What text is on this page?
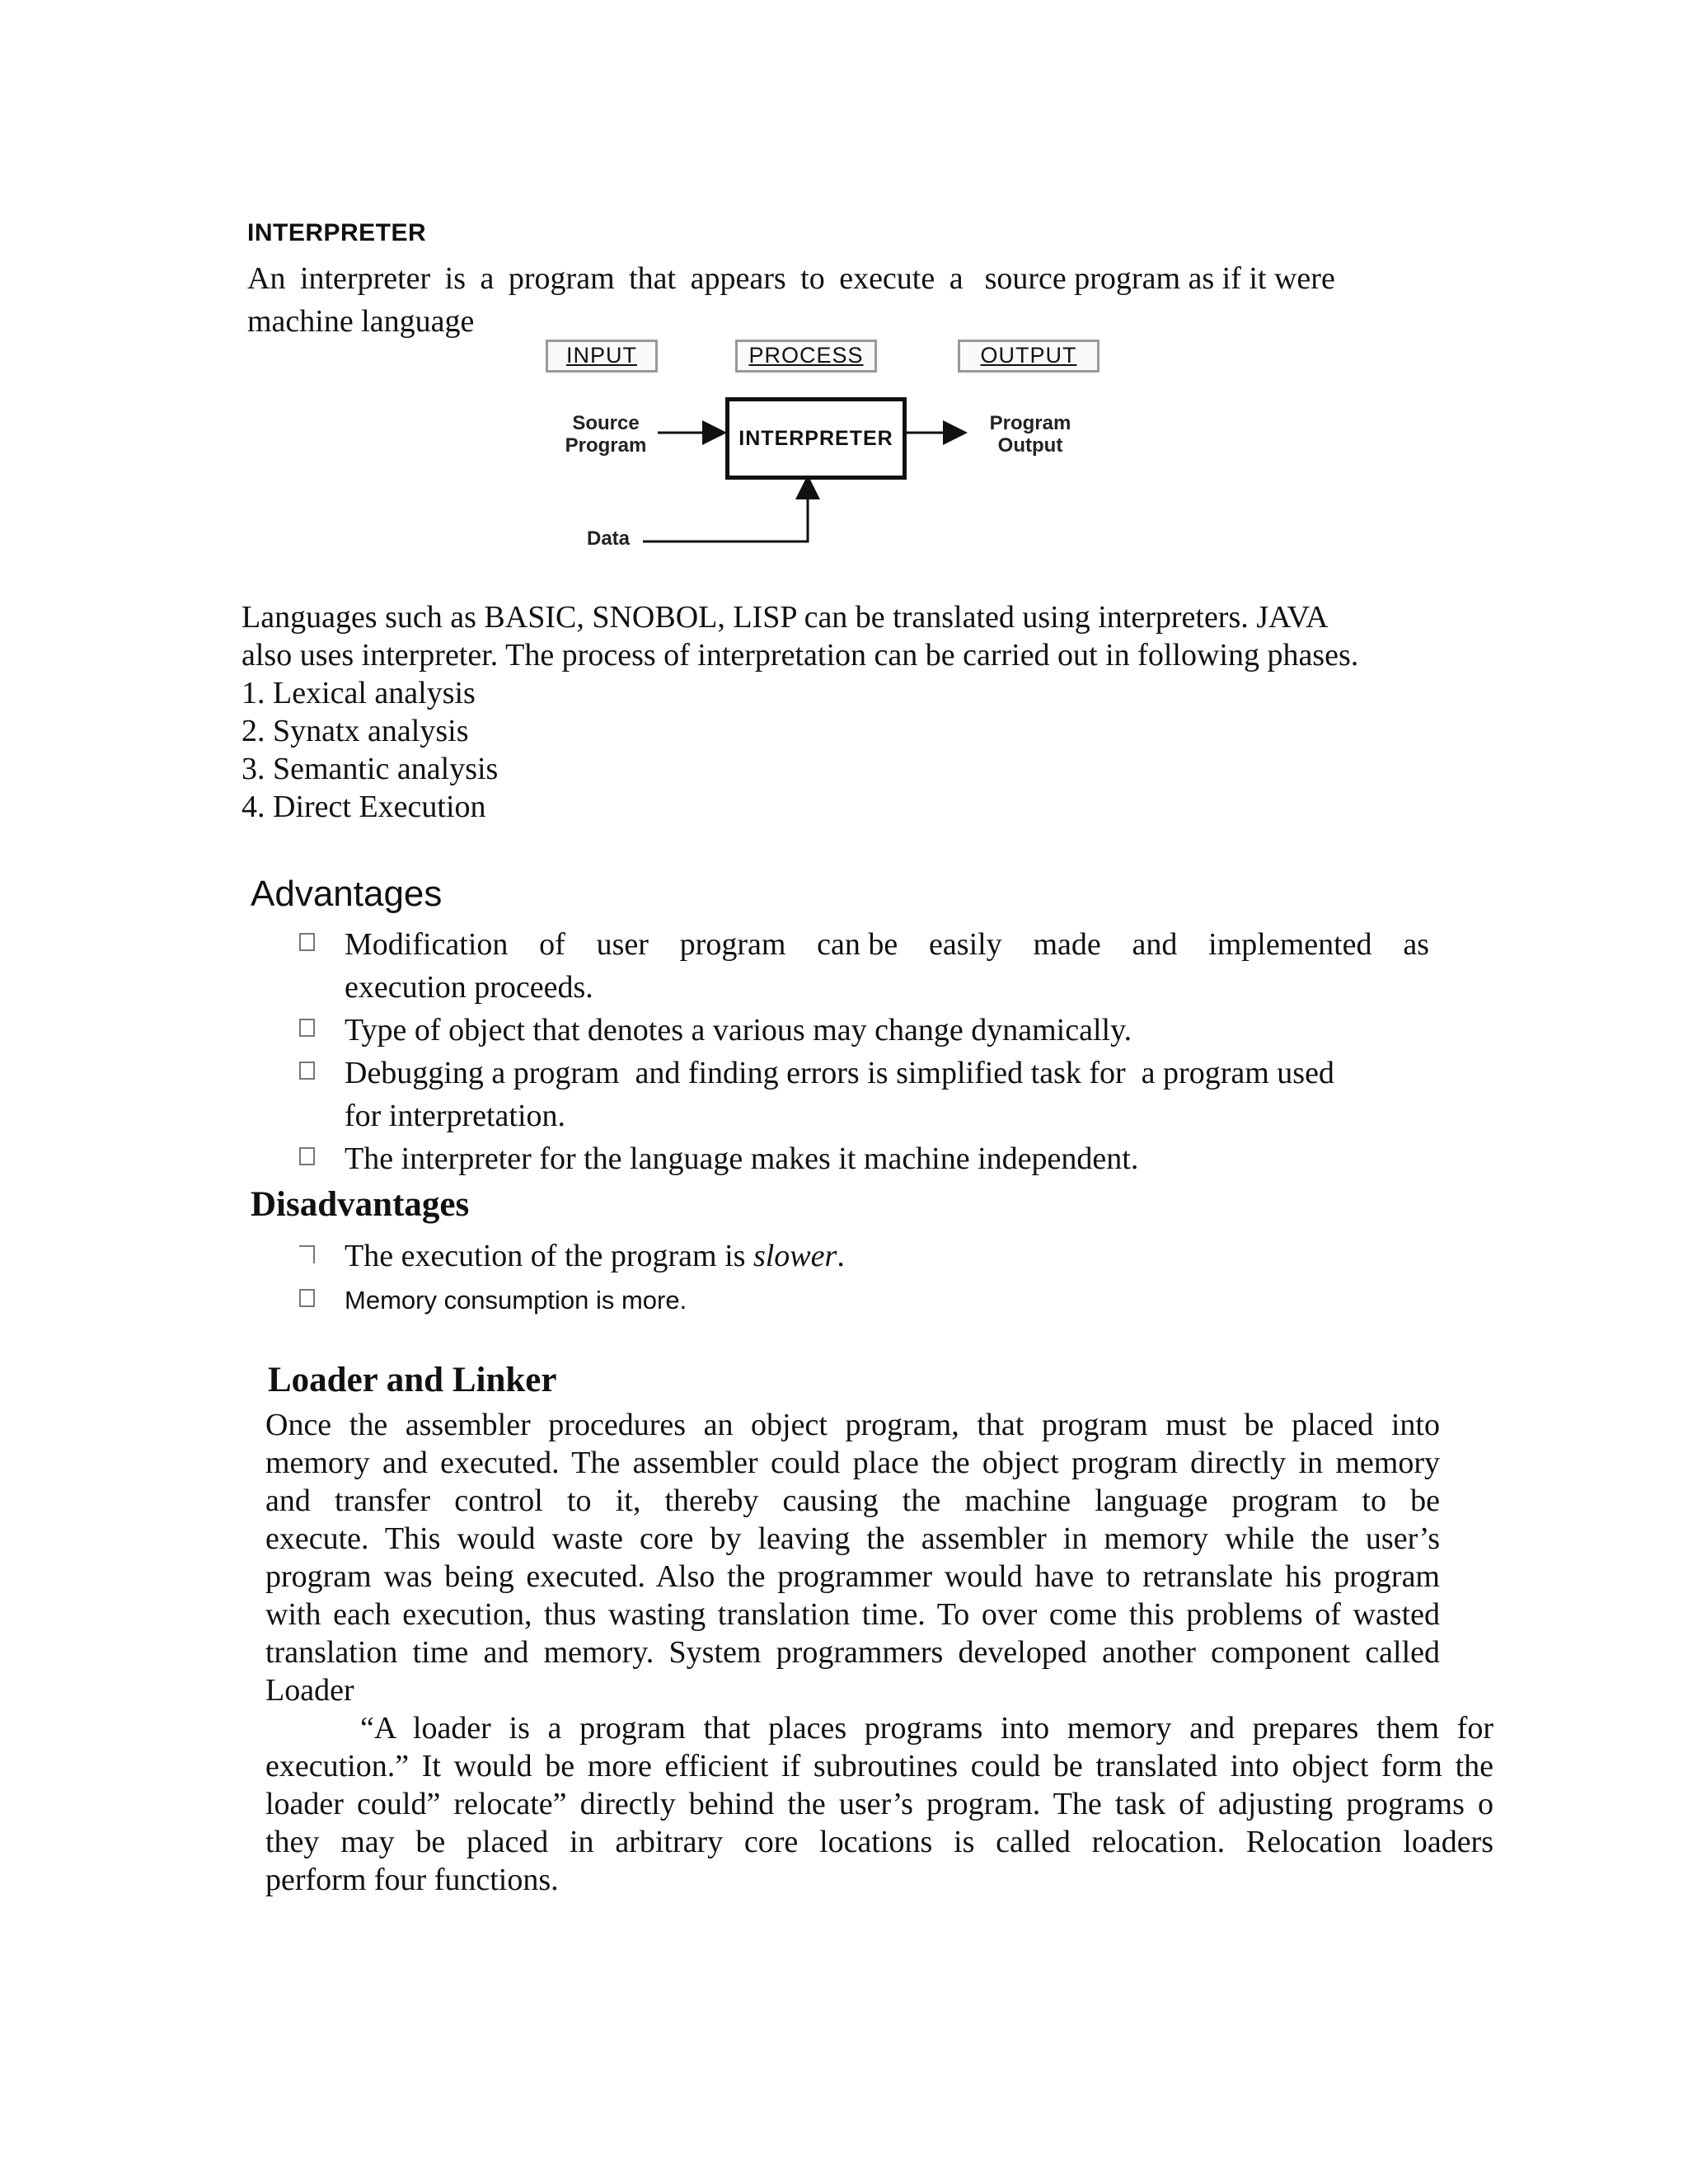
INTERPRETER
An interpreter is a program that appears to execute a source program as if it were
machine language
INPUT	PROCESS	OUTPUT
INTERPRETER
Source
Program
Program
Output
Data
Languages such as BASIC, SNOBOL, LISP can be translated using interpreters. JAVA
also uses interpreter. The process of interpretation can be carried out in following phases.
1. Lexical analysis
2. Synatx analysis
3. Semantic analysis
4. Direct Execution
Advantages
Modification of user program can be easily made and implemented as
execution proceeds.
Type of object that denotes a various may change dynamically.
Debugging a program  and finding errors is simplified task for  a program used
for interpretation.
The interpreter for the language makes it machine independent.
Disadvantages
The execution of the program is slower.
Memory consumption is more.
Loader and Linker
Once the assembler procedures an object program, that program must be placed into
memory and executed. The assembler could place the object program directly in memory
and transfer control to it, thereby causing the machine language program to be
execute. This would waste core by leaving the assembler in memory while the user’s
program was being executed. Also the programmer would have to retranslate his program
with each execution, thus wasting translation time. To over come this problems of wasted
translation time and memory. System programmers developed another component called
Loader
“A loader is a program that places programs into memory and prepares them for
execution.” It would be more efficient if subroutines could be translated into object form the
loader could” relocate” directly behind the user’s program. The task of adjusting programs o
they may be placed in arbitrary core locations is called relocation. Relocation loaders
perform four functions.
